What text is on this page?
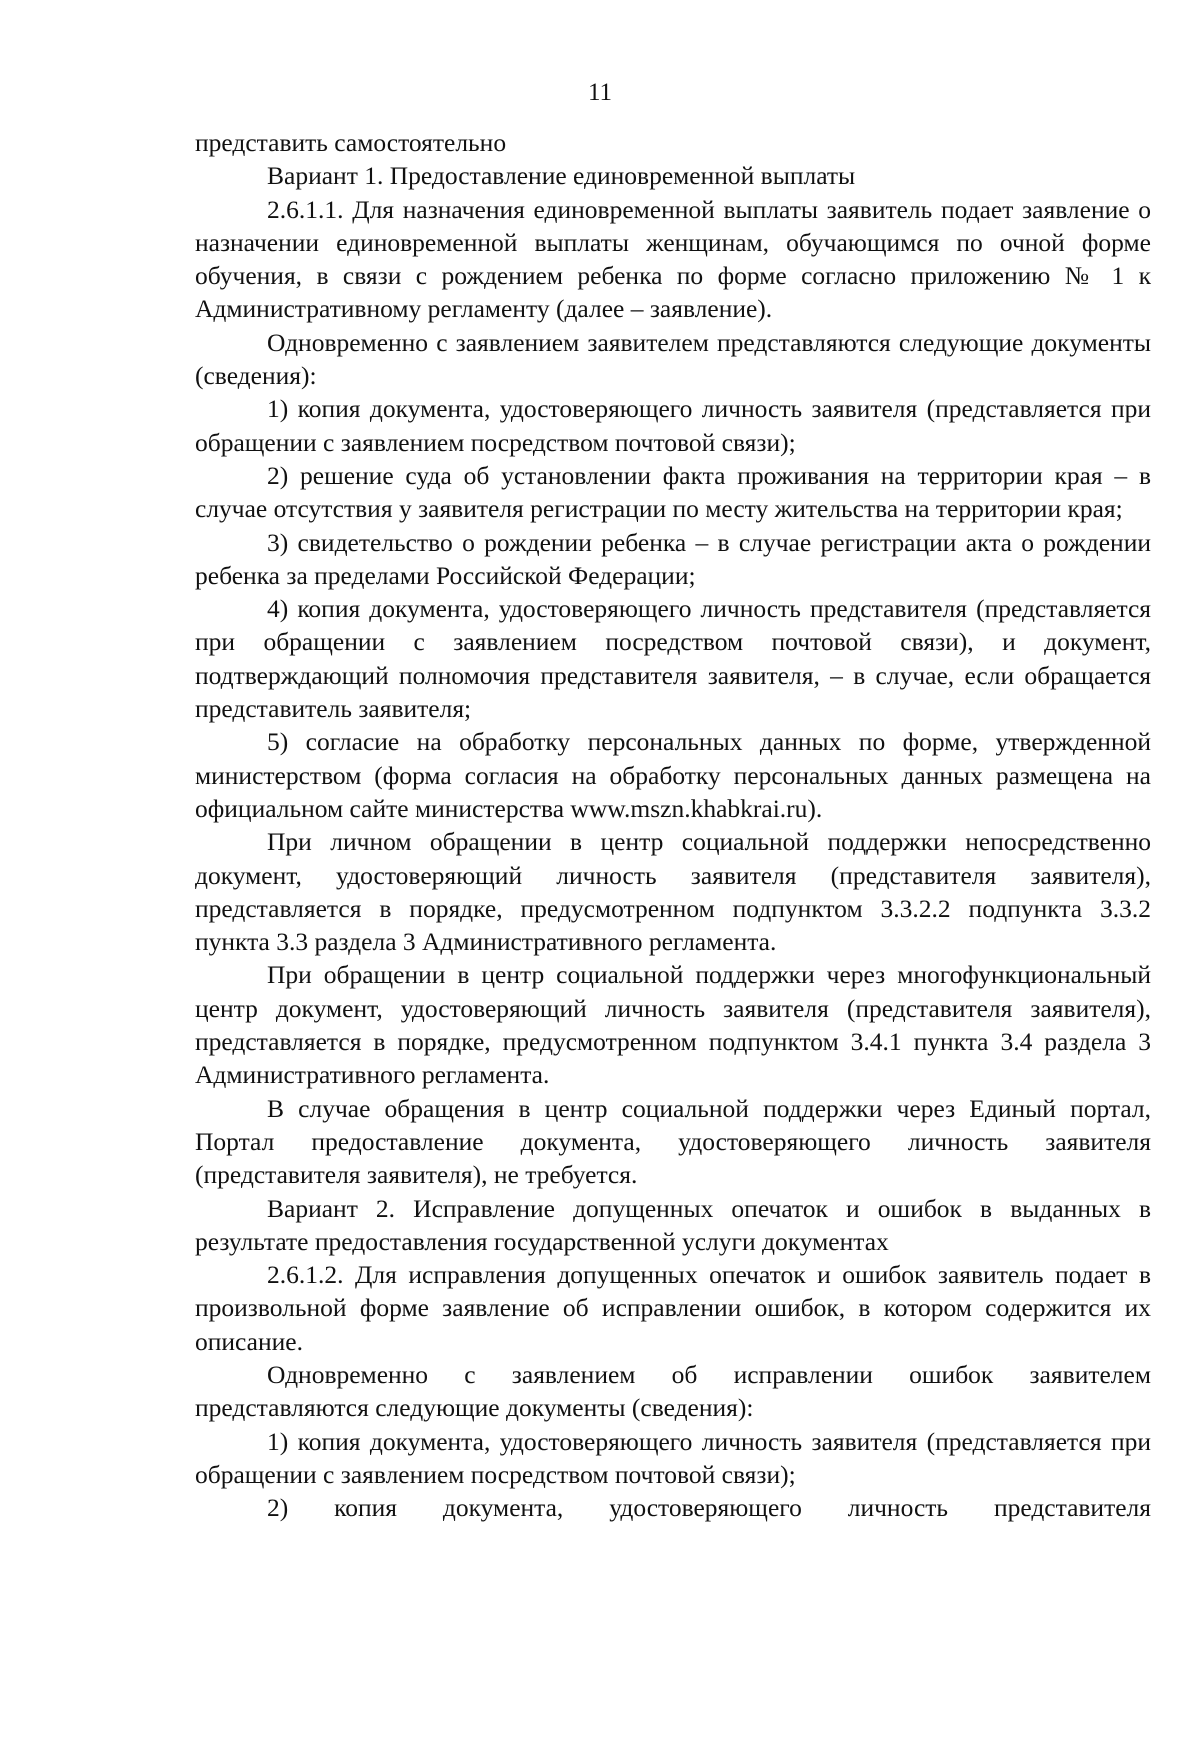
11

представить самостоятельно

Вариант 1. Предоставление единовременной выплаты

2.6.1.1. Для назначения единовременной выплаты заявитель подает заявление о назначении единовременной выплаты женщинам, обучающимся по очной форме обучения, в связи с рождением ребенка по форме согласно приложению № 1 к Административному регламенту (далее – заявление).

Одновременно с заявлением заявителем представляются следующие документы (сведения):

1) копия документа, удостоверяющего личность заявителя (представляется при обращении с заявлением посредством почтовой связи);

2) решение суда об установлении факта проживания на территории края – в случае отсутствия у заявителя регистрации по месту жительства на территории края;

3) свидетельство о рождении ребенка – в случае регистрации акта о рождении ребенка за пределами Российской Федерации;

4) копия документа, удостоверяющего личность представителя (представляется при обращении с заявлением посредством почтовой связи), и документ, подтверждающий полномочия представителя заявителя, – в случае, если обращается представитель заявителя;

5) согласие на обработку персональных данных по форме, утвержденной министерством (форма согласия на обработку персональных данных размещена на официальном сайте министерства www.mszn.khabkrai.ru).

При личном обращении в центр социальной поддержки непосредственно документ, удостоверяющий личность заявителя (представителя заявителя), представляется в порядке, предусмотренном подпунктом 3.3.2.2 подпункта 3.3.2 пункта 3.3 раздела 3 Административного регламента.

При обращении в центр социальной поддержки через многофункциональный центр документ, удостоверяющий личность заявителя (представителя заявителя), представляется в порядке, предусмотренном подпунктом 3.4.1 пункта 3.4 раздела 3 Административного регламента.

В случае обращения в центр социальной поддержки через Единый портал, Портал предоставление документа, удостоверяющего личность заявителя (представителя заявителя), не требуется.

Вариант 2. Исправление допущенных опечаток и ошибок в выданных в результате предоставления государственной услуги документах

2.6.1.2. Для исправления допущенных опечаток и ошибок заявитель подает в произвольной форме заявление об исправлении ошибок, в котором содержится их описание.

Одновременно с заявлением об исправлении ошибок заявителем представляются следующие документы (сведения):

1) копия документа, удостоверяющего личность заявителя (представляется при обращении с заявлением посредством почтовой связи);

2) копия документа, удостоверяющего личность представителя
